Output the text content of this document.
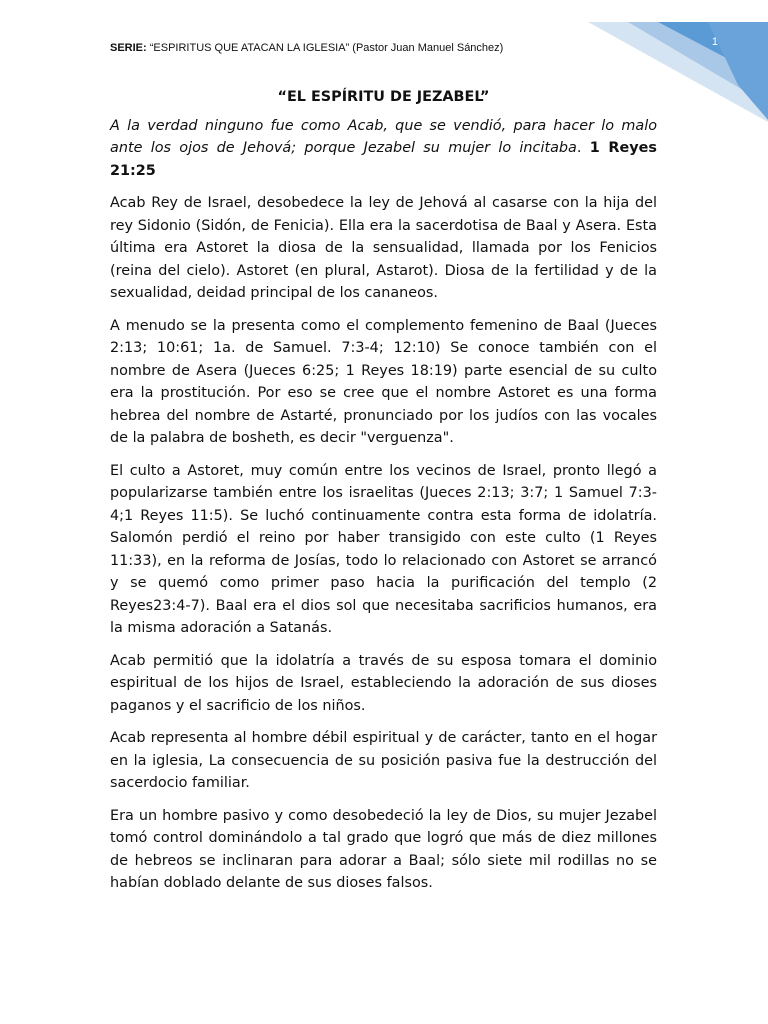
1
SERIE: “ESPIRITUS QUE ATACAN LA IGLESIA” (Pastor Juan Manuel Sánchez)

“EL ESPÍRITU DE JEZABEL”

A la verdad ninguno fue como Acab, que se vendió, para hacer lo malo ante los ojos de Jehová; porque Jezabel su mujer lo incitaba. 1 Reyes 21:25

Acab Rey de Israel, desobedece la ley de Jehová al casarse con la hija del rey Sidonio (Sidón, de Fenicia). Ella era la sacerdotisa de Baal y Asera. Esta última era Astoret la diosa de la sensualidad, llamada por los Fenicios (reina del cielo). Astoret (en plural, Astarot). Diosa de la fertilidad y de la sexualidad, deidad principal de los cananeos.

A menudo se la presenta como el complemento femenino de Baal (Jueces 2:13; 10:61; 1a. de Samuel. 7:3-4; 12:10) Se conoce también con el nombre de Asera (Jueces 6:25; 1 Reyes 18:19) parte esencial de su culto era la prostitución. Por eso se cree que el nombre Astoret es una forma hebrea del nombre de Astarté, pronunciado por los judíos con las vocales de la palabra de bosheth, es decir "verguenza".

El culto a Astoret, muy común entre los vecinos de Israel, pronto llegó a popularizarse también entre los israelitas (Jueces 2:13; 3:7; 1 Samuel 7:3-4;1 Reyes 11:5). Se luchó continuamente contra esta forma de idolatría. Salomón perdió el reino por haber transigido con este culto (1 Reyes 11:33), en la reforma de Josías, todo lo relacionado con Astoret se arrancó y se quemó como primer paso hacia la purificación del templo (2 Reyes23:4-7). Baal era el dios sol que necesitaba sacrificios humanos, era la misma adoración a Satanás.

Acab permitió que la idolatría a través de su esposa tomara el dominio espiritual de los hijos de Israel, estableciendo la adoración de sus dioses paganos y el sacrificio de los niños.

Acab representa al hombre débil espiritual y de carácter, tanto en el hogar en la iglesia, La consecuencia de su posición pasiva fue la destrucción del sacerdocio familiar.

Era un hombre pasivo y como desobedeció la ley de Dios, su mujer Jezabel tomó control dominándolo a tal grado que logró que más de diez millones de hebreos se inclinaran para adorar a Baal; sólo siete mil rodillas no se habían doblado delante de sus dioses falsos.
